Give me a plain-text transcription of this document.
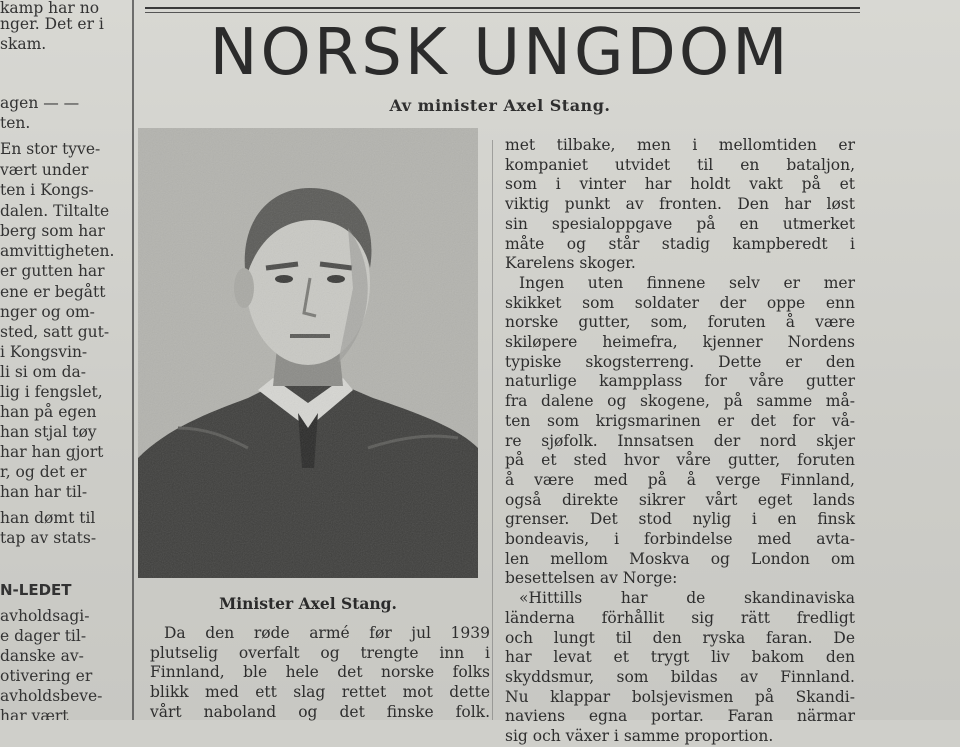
kamp har no
nger. Det er i
skam.
agen — —
ten.
En stor tyve-
vært under
ten i Kongs-
dalen. Tiltalte
berg som har
amvittigheten.
er gutten har
ene er begått
nger og om-
sted, satt gut-
i Kongsvin-
li si om da-
lig i fengslet,
han på egen
han stjal tøy
har han gjort
r, og det er
han har til-
han dømt til
tap av stats-
N-LEDET
avholdsagi-
e dager til-
danske av-
otivering er
avholdsbeve-
har vært
NORSK UNGDOM
Av minister Axel Stang.
Minister Axel Stang.
Da den røde armé før jul 1939
plutselig overfalt og trengte inn i
Finnland, ble hele det norske folks
blikk med ett slag rettet mot dette
vårt naboland og det finske folk.
met tilbake, men i mellomtiden er
kompaniet utvidet til en bataljon,
som i vinter har holdt vakt på et
viktig punkt av fronten. Den har løst
sin spesialoppgave på en utmerket
måte og står stadig kampberedt i
Karelens skoger.
Ingen uten finnene selv er mer
skikket som soldater der oppe enn
norske gutter, som, foruten å være
skiløpere heimefra, kjenner Nordens
typiske skogsterreng. Dette er den
naturlige kampplass for våre gutter
fra dalene og skogene, på samme må-
ten som krigsmarinen er det for vå-
re sjøfolk. Innsatsen der nord skjer
på et sted hvor våre gutter, foruten
å være med på å verge Finnland,
også direkte sikrer vårt eget lands
grenser. Det stod nylig i en finsk
bondeavis, i forbindelse med avta-
len mellom Moskva og London om
besettelsen av Norge:
«Hittills har de skandinaviska
länderna förhållit sig rätt fredligt
och lungt til den ryska faran. De
har levat et trygt liv bakom den
skyddsmur, som bildas av Finnland.
Nu klappar bolsjevismen på Skandi-
naviens egna portar. Faran närmar
sig och växer i samme proportion.
